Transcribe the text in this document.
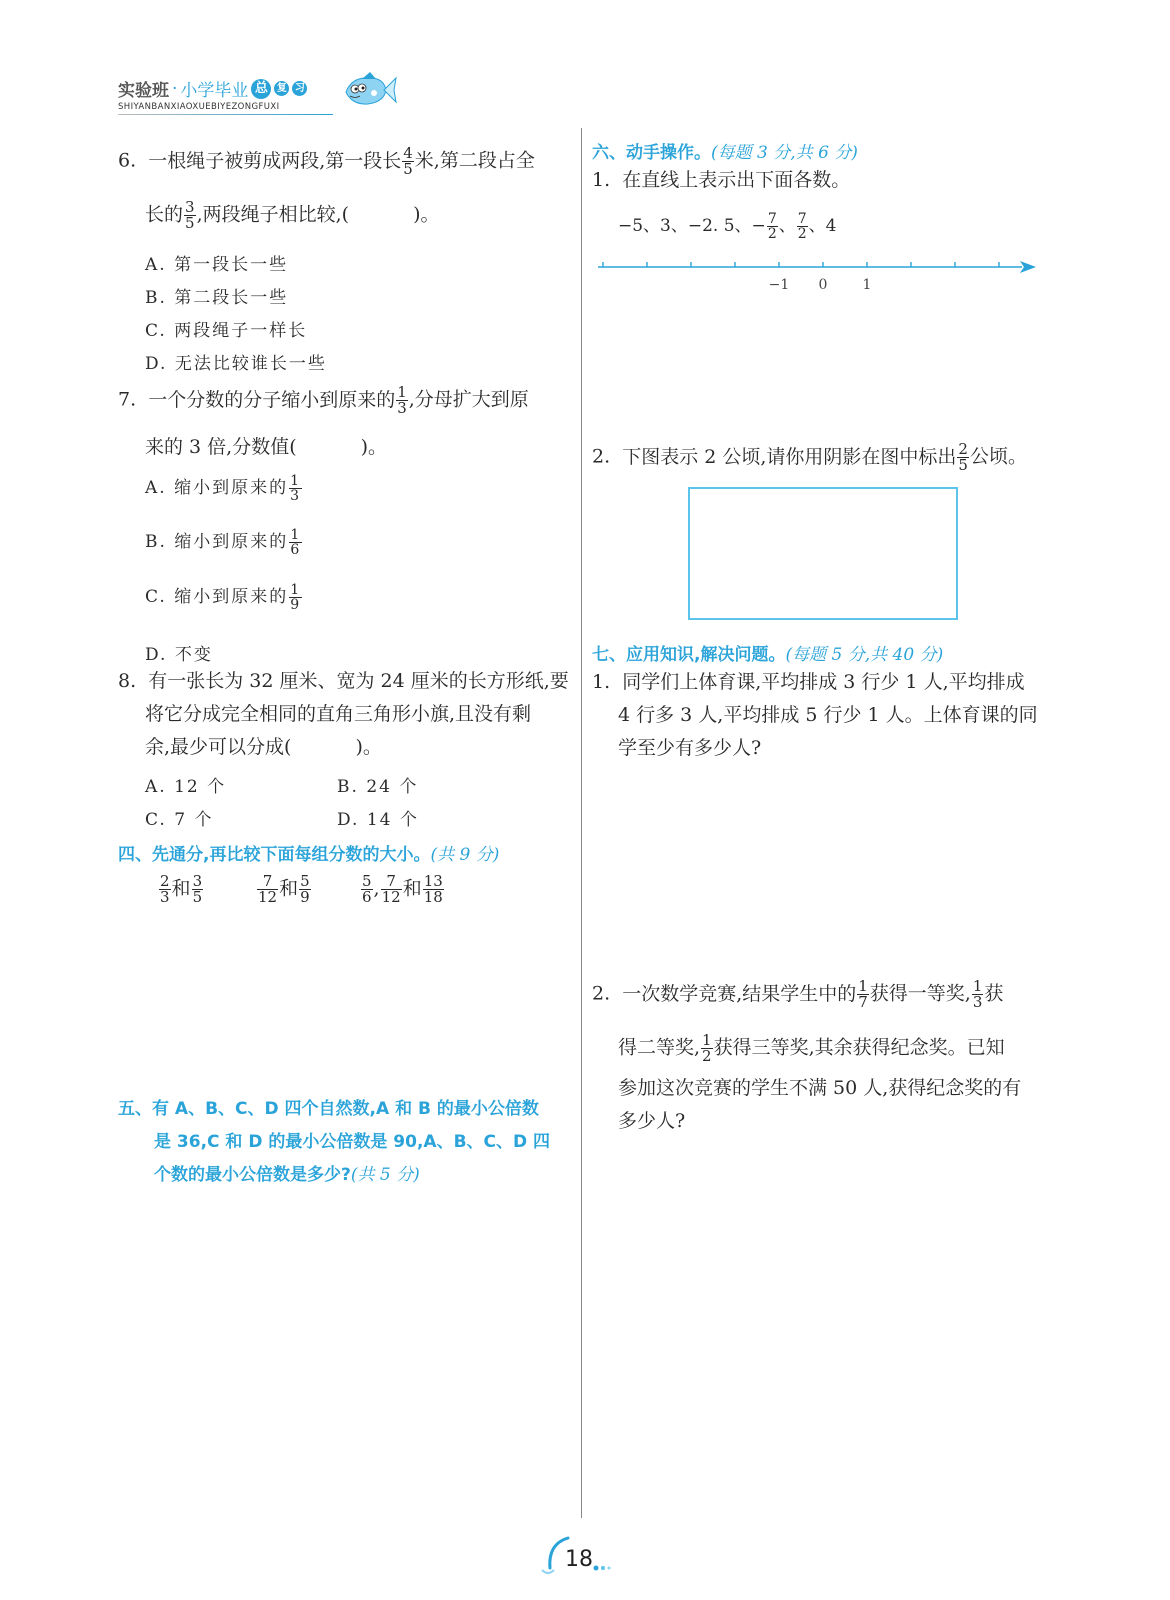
实验班 · 小学毕业 总 复 习
SHIYANBANXIAOXUEBIYEZONGFUXI
6. 一根绳子被剪成两段,第一段长 $\frac{4}{5}$ 米,第二段占全
长的 $\frac{3}{5}$ ,两段绳子相比较,(	)。
A. 第一段长一些
B. 第二段长一些
C. 两段绳子一样长
D. 无法比较谁长一些
7. 一个分数的分子缩小到原来的 $\frac{1}{3}$ ,分母扩大到原
来的 3 倍,分数值(	)。
A. 缩小到原来的 $\frac{1}{3}$
B. 缩小到原来的 $\frac{1}{6}$
C. 缩小到原来的 $\frac{1}{9}$
D. 不变
8. 有一张长为 32 厘米、宽为 24 厘米的长方形纸,要
将它分成完全相同的直角三角形小旗,且没有剩
余,最少可以分成(	)。
A. 12 个	B. 24 个
C. 7 个	D. 14 个
四、先通分,再比较下面每组分数的大小。(共 9 分)
$\frac{2}{3}$ 和 $\frac{3}{5}$	$\frac{7}{12}$ 和 $\frac{5}{9}$	$\frac{5}{6}$ , $\frac{7}{12}$ 和 $\frac{13}{18}$
五、有 A、B、C、D 四个自然数,A 和 B 的最小公倍数
是 36,C 和 D 的最小公倍数是 90,A、B、C、D 四
个数的最小公倍数是多少?(共 5 分)
六、动手操作。(每题 3 分,共 6 分)
1. 在直线上表示出下面各数。
−5、3、−2. 5、− $\frac{7}{2}$ 、 $\frac{7}{2}$ 、4
−1 0	1
2. 下图表示 2 公顷,请你用阴影在图中标出 $\frac{2}{5}$ 公顷。
七、应用知识,解决问题。(每题 5 分,共 40 分)
1. 同学们上体育课,平均排成 3 行少 1 人,平均排成
4 行多 3 人,平均排成 5 行少 1 人。上体育课的同
学至少有多少人?
2. 一次数学竞赛,结果学生中的 $\frac{1}{7}$ 获得一等奖, $\frac{1}{3}$ 获
得二等奖, $\frac{1}{2}$ 获得三等奖,其余获得纪念奖。已知
参加这次竞赛的学生不满 50 人,获得纪念奖的有
多少人?
18
